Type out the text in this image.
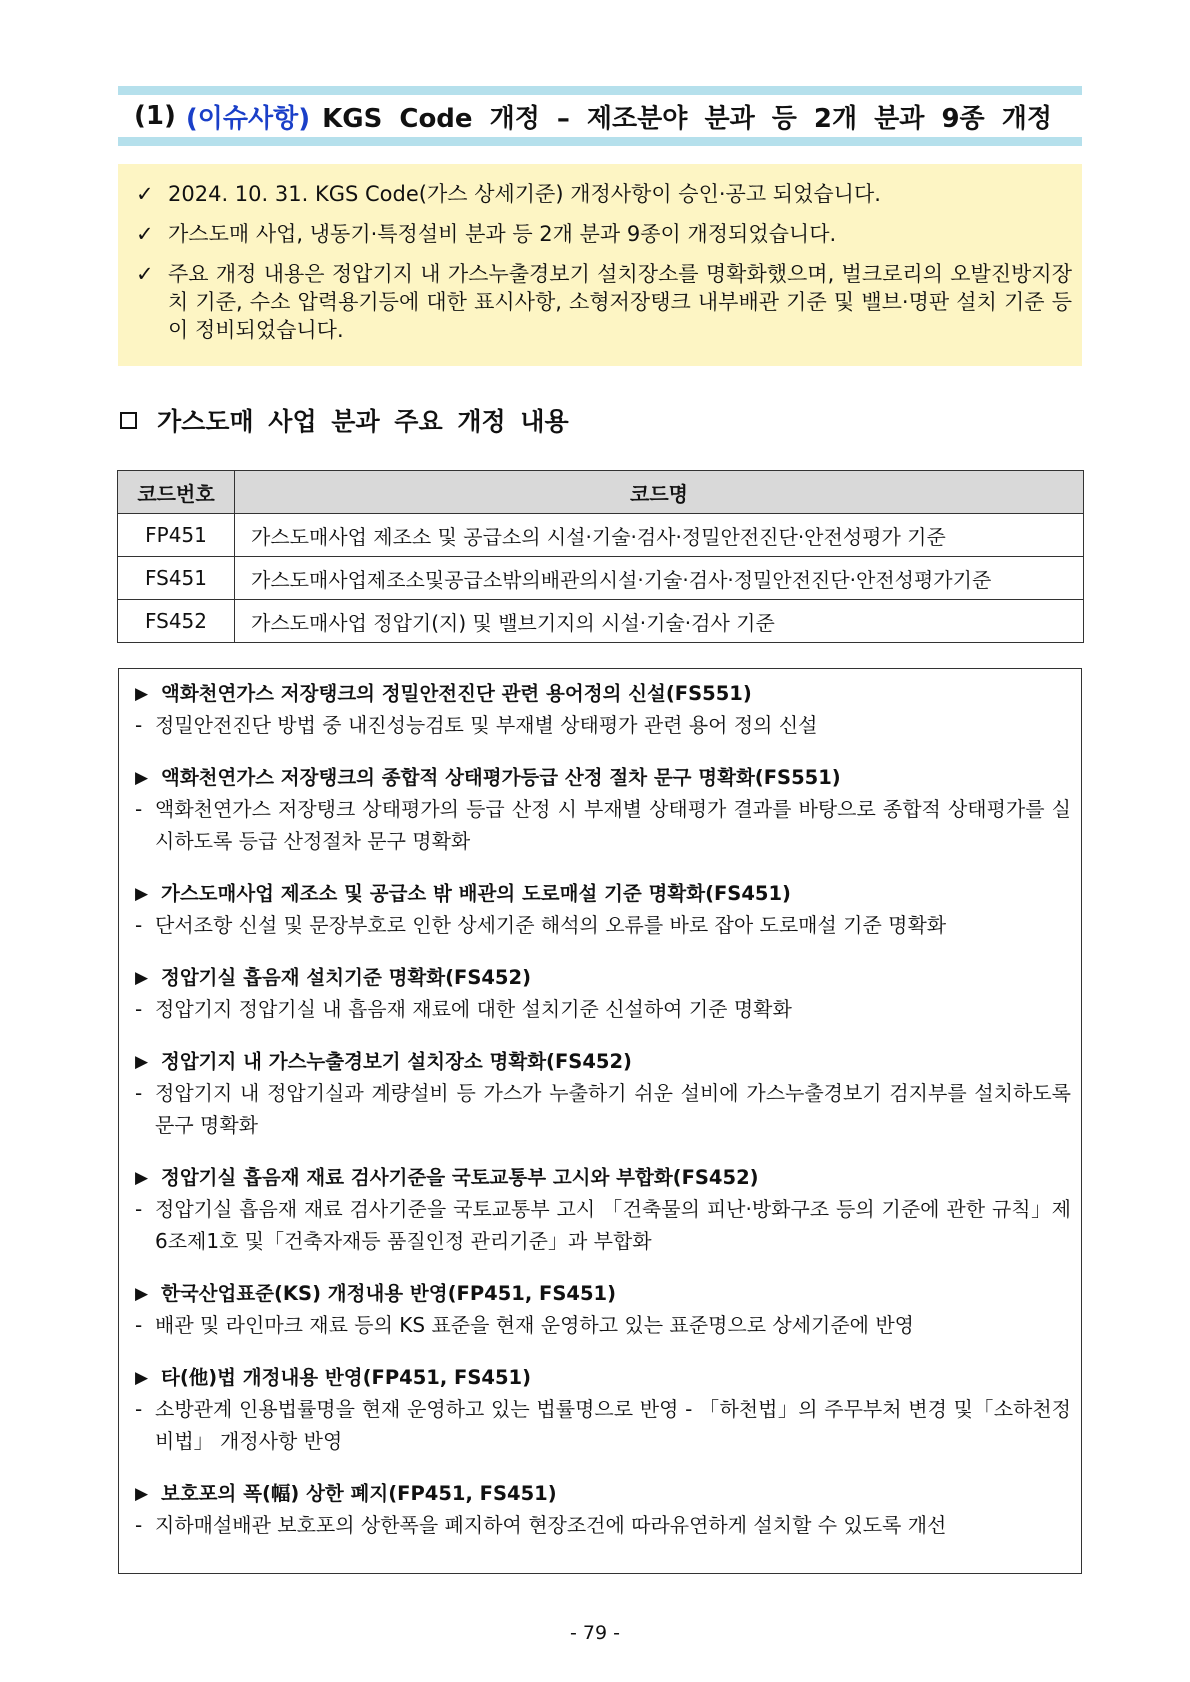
(1) (이슈사항) KGS Code 개정 – 제조분야 분과 등 2개 분과 9종 개정
✓ 2024. 10. 31. KGS Code(가스 상세기준) 개정사항이 승인·공고 되었습니다.
✓ 가스도매 사업, 냉동기·특정설비 분과 등 2개 분과 9종이 개정되었습니다.
✓ 주요 개정 내용은 정압기지 내 가스누출경보기 설치장소를 명확화했으며, 벌크로리의 오발진방지장치 기준, 수소 압력용기등에 대한 표시사항, 소형저장탱크 내부배관 기준 및 밸브·명판 설치 기준 등이 정비되었습니다.
가스도매 사업 분과 주요 개정 내용
코드번호	코드명
FP451	가스도매사업 제조소 및 공급소의 시설·기술·검사·정밀안전진단·안전성평가 기준
FS451	가스도매사업제조소및공급소밖의배관의시설·기술·검사·정밀안전진단·안전성평가기준
FS452	가스도매사업 정압기(지) 및 밸브기지의 시설·기술·검사 기준
▶ 액화천연가스 저장탱크의 정밀안전진단 관련 용어정의 신설(FS551)
- 정밀안전진단 방법 중 내진성능검토 및 부재별 상태평가 관련 용어 정의 신설
▶ 액화천연가스 저장탱크의 종합적 상태평가등급 산정 절차 문구 명확화(FS551)
- 액화천연가스 저장탱크 상태평가의 등급 산정 시 부재별 상태평가 결과를 바탕으로 종합적 상태평가를 실시하도록 등급 산정절차 문구 명확화
▶ 가스도매사업 제조소 및 공급소 밖 배관의 도로매설 기준 명확화(FS451)
- 단서조항 신설 및 문장부호로 인한 상세기준 해석의 오류를 바로 잡아 도로매설 기준 명확화
▶ 정압기실 흡음재 설치기준 명확화(FS452)
- 정압기지 정압기실 내 흡음재 재료에 대한 설치기준 신설하여 기준 명확화
▶ 정압기지 내 가스누출경보기 설치장소 명확화(FS452)
- 정압기지 내 정압기실과 계량설비 등 가스가 누출하기 쉬운 설비에 가스누출경보기 검지부를 설치하도록 문구 명확화
▶ 정압기실 흡음재 재료 검사기준을 국토교통부 고시와 부합화(FS452)
- 정압기실 흡음재 재료 검사기준을 국토교통부 고시 「건축물의 피난·방화구조 등의 기준에 관한 규칙」제6조제1호 및「건축자재등 품질인정 관리기준」과 부합화
▶ 한국산업표준(KS) 개정내용 반영(FP451, FS451)
- 배관 및 라인마크 재료 등의 KS 표준을 현재 운영하고 있는 표준명으로 상세기준에 반영
▶ 타(他)법 개정내용 반영(FP451, FS451)
- 소방관계 인용법률명을 현재 운영하고 있는 법률명으로 반영 - 「하천법」의 주무부처 변경 및「소하천정비법」 개정사항 반영
▶ 보호포의 폭(幅) 상한 폐지(FP451, FS451)
- 지하매설배관 보호포의 상한폭을 폐지하여 현장조건에 따라유연하게 설치할 수 있도록 개선
- 79 -
